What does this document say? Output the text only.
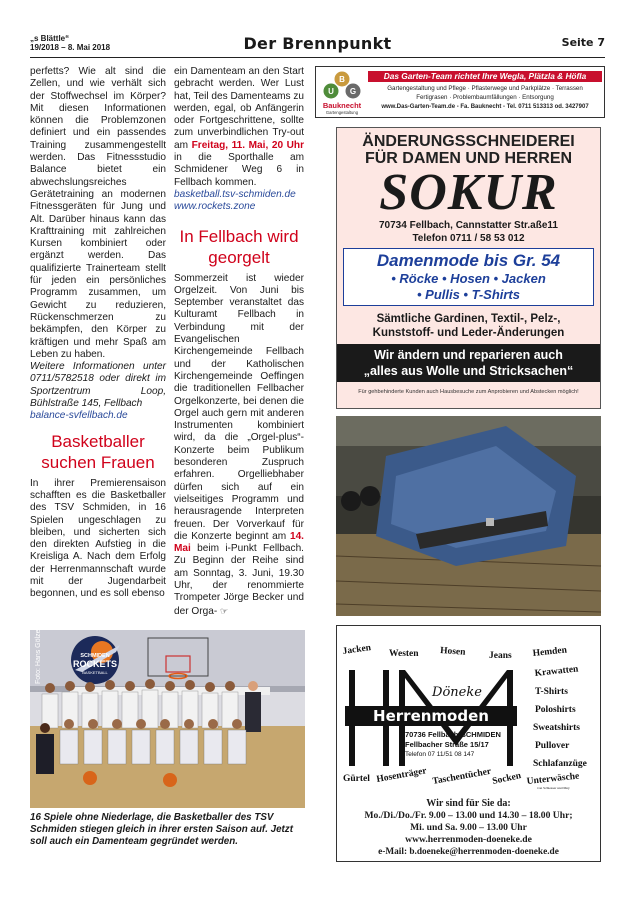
„s Blättle“
19/2018 – 8. Mai 2018	Der Brennpunkt	Seite 7

perfetts? Wie alt sind die Zellen, und wie verhält sich der Stoffwechsel im Körper? Mit diesen Informationen können die Problemzonen definiert und ein passendes Training zusammengestellt werden. Das Fitnessstudio Balance bietet ein abwechslungsreiches Gerätetraining an modernen Fitnessgeräten für Jung und Alt. Darüber hinaus kann das Krafttraining mit zahlreichen Kursen kombiniert oder ergänzt werden. Das qualifizierte Trainerteam stellt für jeden ein persönliches Programm zusammen, um Gewicht zu reduzieren, Rückenschmerzen zu bekämpfen, den Körper zu kräftigen und mehr Spaß am Leben zu haben.

Weitere Informationen unter 0711/5782518 oder direkt im Sportzentrum Loop, Bühlstraße 145, Fellbach

balance-svfellbach.de

Basketballer suchen Frauen

In ihrer Premierensaison schafften es die Basketballer des TSV Schmiden, in 16 Spielen ungeschlagen zu bleiben, und sicherten sich den direkten Aufstieg in die Kreisliga A. Nach dem Erfolg der Herrenmannschaft wurde mit der Jugendarbeit begonnen, und es soll ebenso

ein Damenteam an den Start gebracht werden. Wer Lust hat, Teil des Damenteams zu werden, egal, ob Anfängerin oder Fortgeschrittene, sollte zum unverbindlichen Try-out am Freitag, 11. Mai, 20 Uhr in die Sporthalle am Schmidener Weg 6 in Fellbach kommen.

basketball.tsv-schmiden.de

www.rockets.zone

In Fellbach wird georgelt

Sommerzeit ist wieder Orgelzeit. Von Juni bis September veranstaltet das Kulturamt Fellbach in Verbindung mit der Evangelischen Kirchengemeinde Fellbach und der Katholischen Kirchengemeinde Oeffingen die traditionellen Fellbacher Orgelkonzerte, bei denen die Orgel auch gern mit anderen Instrumenten kombiniert wird, da die „Orgel-plus“-Konzerte beim Publikum besonderen Zuspruch erfahren. Orgelliebhaber dürfen sich auf ein vielseitiges Programm und herausragende Interpreten freuen. Der Vorverkauf für die Konzerte beginnt am 14. Mai beim i-Punkt Fellbach. Zu Beginn der Reihe sind am Sonntag, 3. Juni, 19.30 Uhr, der renommierte Trompeter Jörge Becker und der Orga- ☞

SCHMIDEN
ROCKETS
BASKETBALL
Foto: Hans Gölze
16 Spiele ohne Niederlage, die Basketballer des TSV Schmiden stiegen gleich in ihrer ersten Saison auf. Jetzt soll auch ein Damenteam gegründet werden.
B
U G
Bauknecht
Gartengestaltung
Das Garten-Team richtet Ihre Wegla, Plätzla & Höfla
Gartengestaltung und Pflege · Pflasterwege und Parkplätze · Terrassen
Fertigrasen · Problembaumfällungen · Entsorgung
www.Das-Garten-Team.de - Fa. Bauknecht - Tel. 0711 513313 od. 3427907
ÄNDERUNGSSCHNEIDEREI
FÜR DAMEN UND HERREN
SOKUR
70734 Fellbach, Cannstatter Str.aße11
Telefon 0711 / 58 53 012
Damenmode bis Gr. 54
• Röcke • Hosen • Jacken
• Pullis • T-Shirts
Sämtliche Gardinen, Textil-, Pelz-,
Kunststoff- und Leder-Änderungen
Wir ändern und reparieren auch
„alles aus Wolle und Stricksachen“
Für gehbehinderte Kunden auch Hausbesuche zum Anprobieren und Abstecken möglich!
Jacken Westen Hosen Jeans Hemden
Krawatten
T-Shirts
Poloshirts
Sweatshirts
Pullover
Schlafanzüge
Unterwäsche
Socken
Taschentücher
Hosenträger
Gürtel
von Schiesser und Mey
Döneke
Herrenmoden
70736 Fellbach-SCHMIDEN
Fellbacher Straße 15/17
Telefon 07 11/51 08 147
Wir sind für Sie da:
Mo./Di./Do./Fr. 9.00 – 13.00 und 14.30 – 18.00 Uhr;
Mi. und Sa. 9.00 – 13.00 Uhr
www.herrenmoden-doeneke.de
e-Mail: b.doeneke@herrenmoden-doeneke.de
